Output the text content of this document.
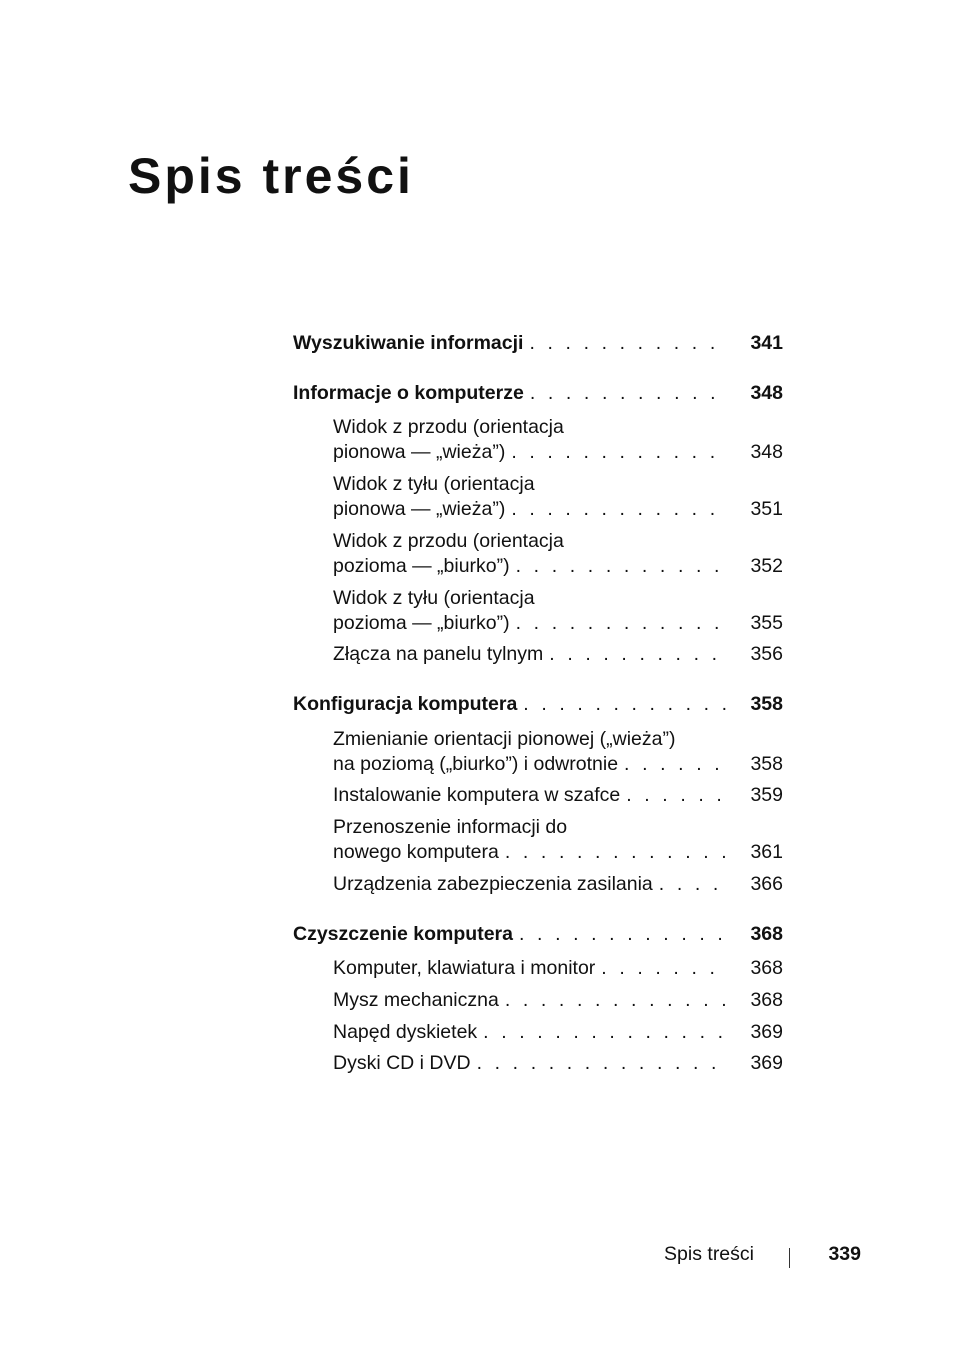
Spis treści
Wyszukiwanie informacji . . .	341
Informacje o komputerze . . .	348
Widok z przodu (orientacja
pionowa — „wieża”) . . .	348
Widok z tyłu (orientacja
pionowa — „wieża”) . . .	351
Widok z przodu (orientacja
pozioma — „biurko”) . . .	352
Widok z tyłu (orientacja
pozioma — „biurko”) . . .	355
Złącza na panelu tylnym . . .	356
Konfiguracja komputera . . .	358
Zmienianie orientacji pionowej („wieża”)
na poziomą („biurko”) i odwrotnie . . .	358
Instalowanie komputera w szafce . . .	359
Przenoszenie informacji do
nowego komputera . . .	361
Urządzenia zabezpieczenia zasilania . . .	366
Czyszczenie komputera . . .	368
Komputer, klawiatura i monitor . . .	368
Mysz mechaniczna . . .	368
Napęd dyskietek . . .	369
Dyski CD i DVD . . .	369
Spis treści	339
